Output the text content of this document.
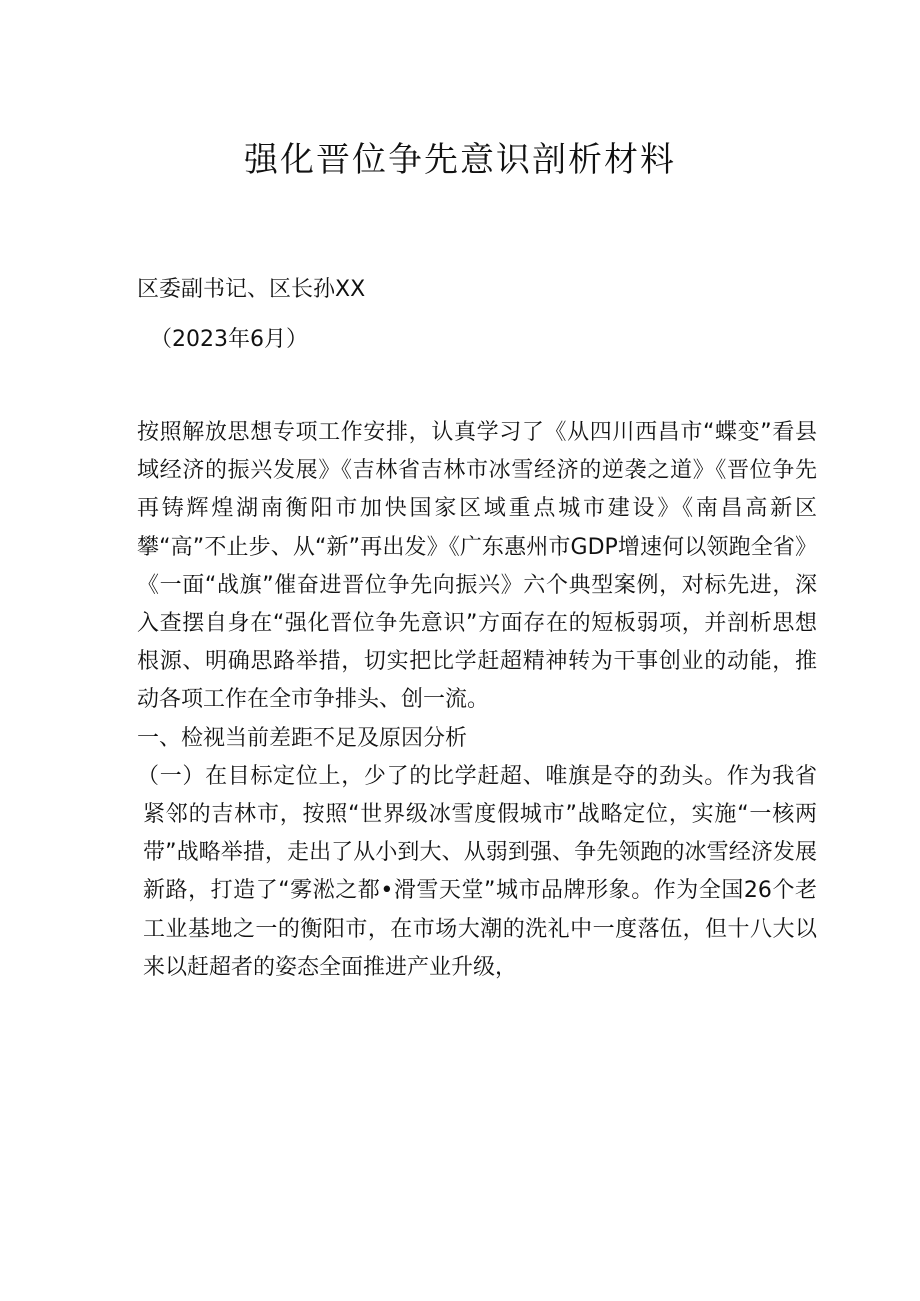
强化晋位争先意识剖析材料

区委副书记、区长孙XX

（2023年6月）

按照解放思想专项工作安排，认真学习了《从四川西昌市“蝶变”看县域经济的振兴发展》《吉林省吉林市冰雪经济的逆袭之道》《晋位争先再铸辉煌湖南衡阳市加快国家区域重点城市建设》《南昌高新区攀“高”不止步、从“新”再出发》《广东惠州市GDP增速何以领跑全省》《一面“战旗”催奋进晋位争先向振兴》六个典型案例，对标先进，深入查摆自身在“强化晋位争先意识”方面存在的短板弱项，并剖析思想根源、明确思路举措，切实把比学赶超精神转为干事创业的动能，推动各项工作在全市争排头、创一流。

一、检视当前差距不足及原因分析

（一）在目标定位上，少了的比学赶超、唯旗是夺的劲头。作为我省紧邻的吉林市，按照“世界级冰雪度假城市”战略定位，实施“一核两带”战略举措，走出了从小到大、从弱到强、争先领跑的冰雪经济发展新路，打造了“雾淞之都•滑雪天堂”城市品牌形象。作为全国26个老工业基地之一的衡阳市，在市场大潮的洗礼中一度落伍，但十八大以来以赶超者的姿态全面推进产业升级，
